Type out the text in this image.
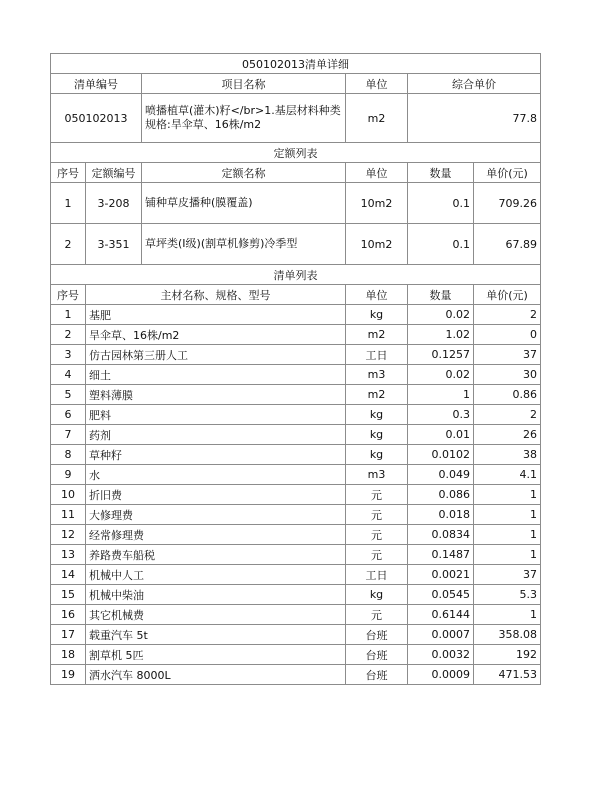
050102013清单详细						
清单编号		项目名称	单位	综合单价		
050102013		喷播植草(灌木)籽</br>1.基层材料种类规格:旱伞草、16株/m2	m2	77.8		
定额列表						
序号	定额编号	定额名称	单位	数量	单价(元)	
1	3-208	铺种草皮播种(膜覆盖)	10m2	0.1	709.26	
2	3-351	草坪类(I级)(割草机修剪)冷季型	10m2	0.1	67.89	
清单列表						
序号	主材名称、规格、型号		单位	数量	单价(元)	
1	基肥		kg	0.02	2	
2	旱伞草、16株/m2		m2	1.02	0	
3	仿古园林第三册人工		工日	0.1257	37	
4	细土		m3	0.02	30	
5	塑料薄膜		m2	1	0.86	
6	肥料		kg	0.3	2	
7	药剂		kg	0.01	26	
8	草种籽		kg	0.0102	38	
9	水		m3	0.049	4.1	
10	折旧费		元	0.086	1	
11	大修理费		元	0.018	1	
12	经常修理费		元	0.0834	1	
13	养路费车船税		元	0.1487	1	
14	机械中人工		工日	0.0021	37	
15	机械中柴油		kg	0.0545	5.3	
16	其它机械费		元	0.6144	1	
17	载重汽车 5t		台班	0.0007	358.08	
18	割草机 5匹		台班	0.0032	192	
19	洒水汽车 8000L		台班	0.0009	471.53	
